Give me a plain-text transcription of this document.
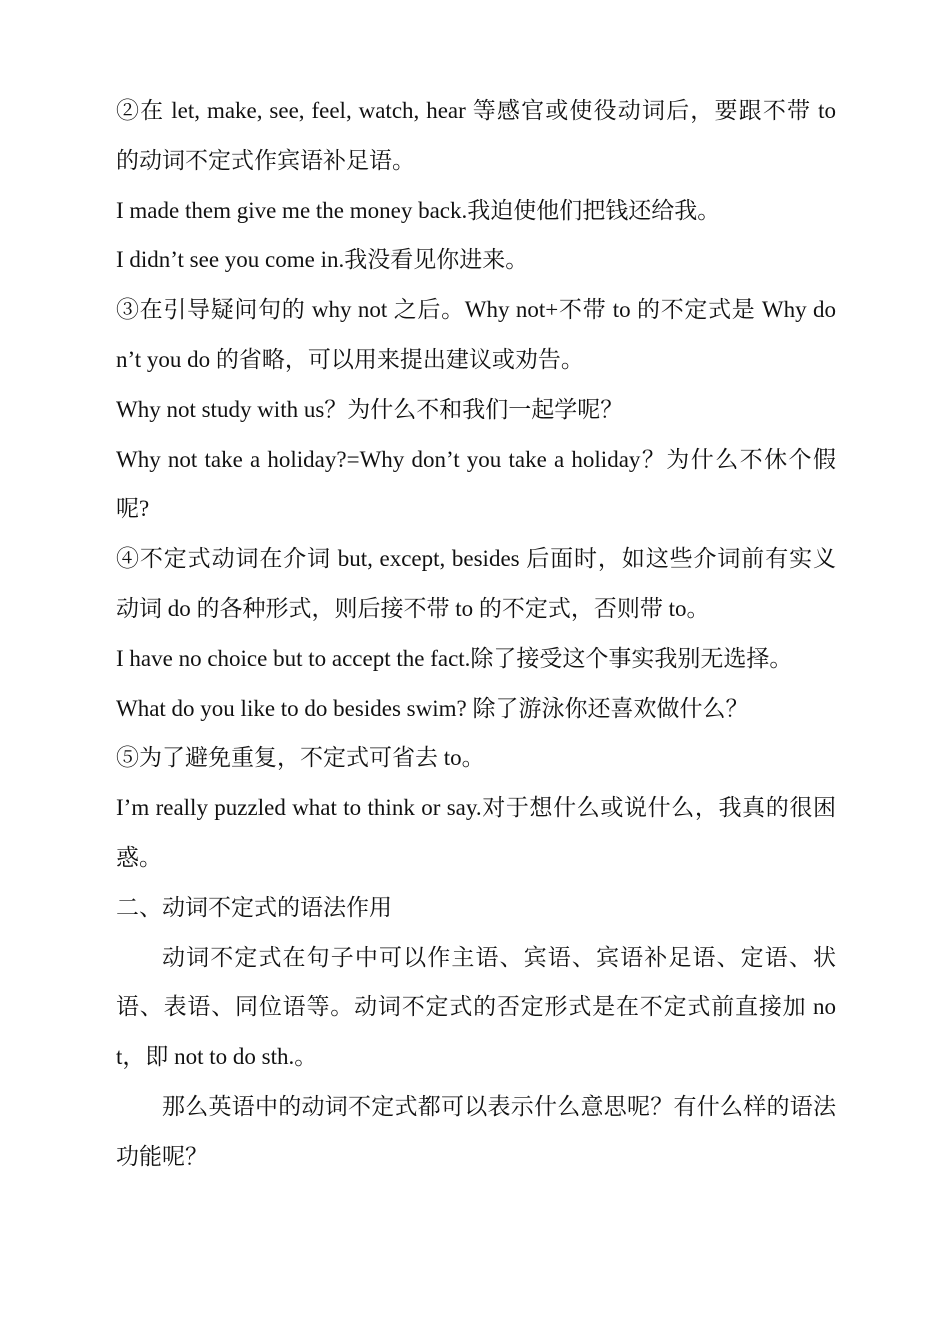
②在 let, make, see, feel, watch, hear 等感官或使役动词后，要跟不带 to 的动词不定式作宾语补足语。

I made them give me the money back.我迫使他们把钱还给我。

I didn’t see you come in.我没看见你进来。

③在引导疑问句的 why not 之后。Why not+不带 to 的不定式是 Why don’t you do 的省略，可以用来提出建议或劝告。

Why not study with us？为什么不和我们一起学呢？

Why not take a holiday?=Why don’t you take a holiday？为什么不休个假呢?

④不定式动词在介词 but, except, besides 后面时，如这些介词前有实义动词 do 的各种形式，则后接不带 to 的不定式，否则带 to。

I have no choice but to accept the fact.除了接受这个事实我别无选择。

What do you like to do besides swim? 除了游泳你还喜欢做什么？

⑤为了避免重复，不定式可省去 to。

I’m really puzzled what to think or say.对于想什么或说什么，我真的很困惑。

二、动词不定式的语法作用

动词不定式在句子中可以作主语、宾语、宾语补足语、定语、状语、表语、同位语等。动词不定式的否定形式是在不定式前直接加 not，即 not to do sth.。

那么英语中的动词不定式都可以表示什么意思呢？有什么样的语法功能呢？
